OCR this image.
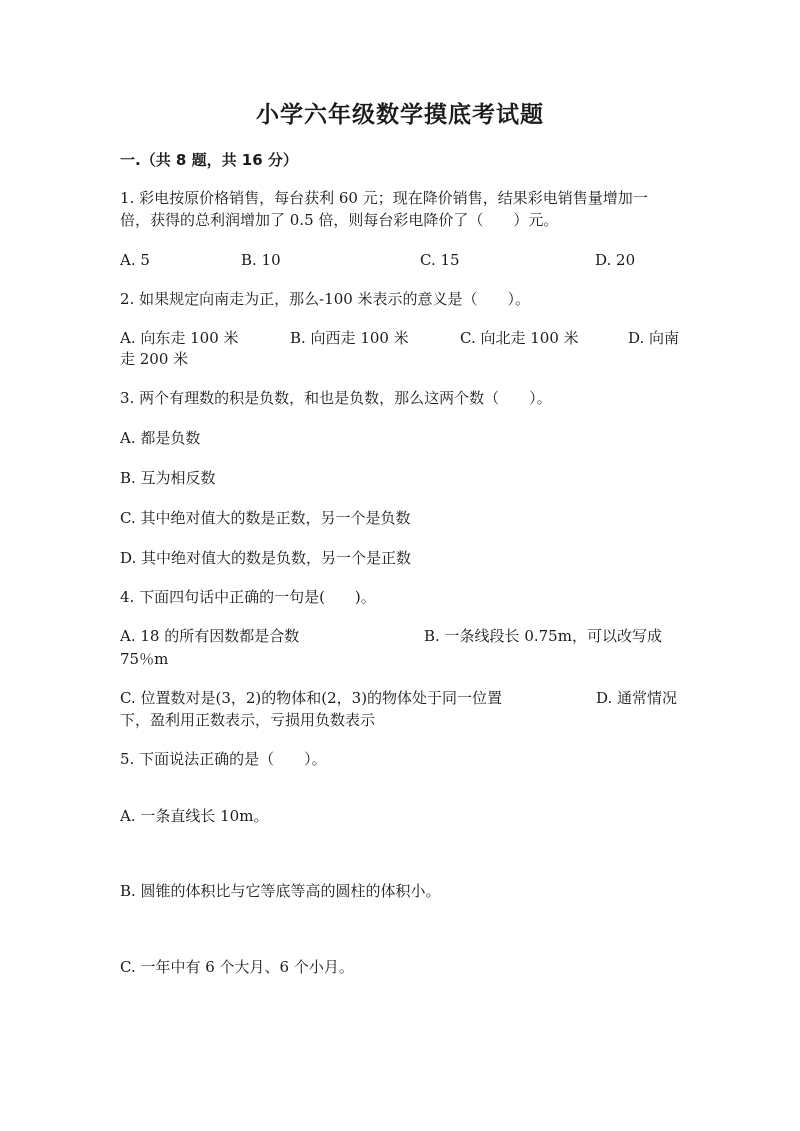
小学六年级数学摸底考试题
一.（共 8 题，共 16 分）
1. 彩电按原价格销售，每台获利 60 元；现在降价销售，结果彩电销售量增加一
倍，获得的总利润增加了 0.5 倍，则每台彩电降价了（　　）元。
A. 5	B. 10	C. 15	D. 20
2. 如果规定向南走为正，那么-100 米表示的意义是（　　）。
A. 向东走 100 米	B. 向西走 100 米	C. 向北走 100 米	D. 向南
走 200 米
3. 两个有理数的积是负数，和也是负数，那么这两个数（　　）。
A. 都是负数
B. 互为相反数
C. 其中绝对值大的数是正数，另一个是负数
D. 其中绝对值大的数是负数，另一个是正数
4. 下面四句话中正确的一句是(　　)。
A. 18 的所有因数都是合数	B. 一条线段长 0.75m，可以改写成
75％m
C. 位置数对是(3，2)的物体和(2，3)的物体处于同一位置	D. 通常情况
下，盈利用正数表示，亏损用负数表示
5. 下面说法正确的是（　　）。
A. 一条直线长 10m。
B. 圆锥的体积比与它等底等高的圆柱的体积小。
C. 一年中有 6 个大月、6 个小月。
